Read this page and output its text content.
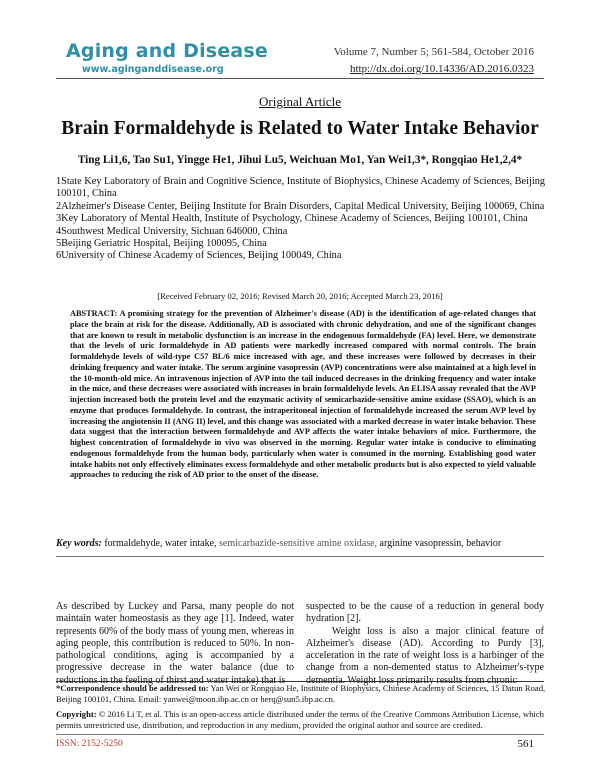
Aging and Disease
www.aginganddisease.org
Volume 7, Number 5; 561-584, October 2016
http://dx.doi.org/10.14336/AD.2016.0323
Original Article
Brain Formaldehyde is Related to Water Intake Behavior
Ting Li1,6, Tao Su1, Yingge He1, Jihui Lu5, Weichuan Mo1, Yan Wei1,3*, Rongqiao He1,2,4*

1State Key Laboratory of Brain and Cognitive Science, Institute of Biophysics, Chinese Academy of Sciences, Beijing 100101, China

2Alzheimer's Disease Center, Beijing Institute for Brain Disorders, Capital Medical University, Beijing 100069, China

3Key Laboratory of Mental Health, Institute of Psychology, Chinese Academy of Sciences, Beijing 100101, China

4Southwest Medical University, Sichuan 646000, China

5Beijing Geriatric Hospital, Beijing 100095, China

6University of Chinese Academy of Sciences, Beijing 100049, China

[Received February 02, 2016; Revised March 20, 2016; Accepted March 23, 2016]
ABSTRACT: A promising strategy for the prevention of Alzheimer's disease (AD) is the identification of age-related changes that place the brain at risk for the disease. Additionally, AD is associated with chronic dehydration, and one of the significant changes that are known to result in metabolic dysfunction is an increase in the endogenous formaldehyde (FA) level. Here, we demonstrate that the levels of uric formaldehyde in AD patients were markedly increased compared with normal controls. The brain formaldehyde levels of wild-type C57 BL/6 mice increased with age, and these increases were followed by decreases in their drinking frequency and water intake. The serum arginine vasopressin (AVP) concentrations were also maintained at a high level in the 10-month-old mice. An intravenous injection of AVP into the tail induced decreases in the drinking frequency and water intake in the mice, and these decreases were associated with increases in brain formaldehyde levels. An ELISA assay revealed that the AVP injection increased both the protein level and the enzymatic activity of semicarbazide-sensitive amine oxidase (SSAO), which is an enzyme that produces formaldehyde. In contrast, the intraperitoneal injection of formaldehyde increased the serum AVP level by increasing the angiotensin II (ANG II) level, and this change was associated with a marked decrease in water intake behavior. These data suggest that the interaction between formaldehyde and AVP affects the water intake behaviors of mice. Furthermore, the highest concentration of formaldehyde in vivo was observed in the morning. Regular water intake is conducive to eliminating endogenous formaldehyde from the human body, particularly when water is consumed in the morning. Establishing good water intake habits not only effectively eliminates excess formaldehyde and other metabolic products but is also expected to yield valuable approaches to reducing the risk of AD prior to the onset of the disease.
Key words: formaldehyde, water intake, semicarbazide-sensitive amine oxidase, arginine vasopressin, behavior

As described by Luckey and Parsa, many people do not maintain water homeostasis as they age [1]. Indeed, water represents 60% of the body mass of young men, whereas in aging people, this contribution is reduced to 50%. In non-pathological conditions, aging is accompanied by a progressive decrease in the water balance (due to reductions in the feeling of thirst and water intake) that is

suspected to be the cause of a reduction in general body hydration [2].

Weight loss is also a major clinical feature of Alzheimer's disease (AD). According to Purdy [3], acceleration in the rate of weight loss is a harbinger of the change from a non-demented status to Alzheimer's-type dementia. Weight loss primarily results from chronic

*Correspondence should be addressed to: Yan Wei or Rongqiao He, Institute of Biophysics, Chinese Academy of Sciences, 15 Datun Road, Beijing 100101, China. Email: yanwei@moon.ibp.ac.cn or herq@sun5.ibp.ac.cn.
Copyright: © 2016 Li T, et al. This is an open-access article distributed under the terms of the Creative Commons Attribution License, which permits unrestricted use, distribution, and reproduction in any medium, provided the original author and source are credited.
ISSN: 2152-5250	561
